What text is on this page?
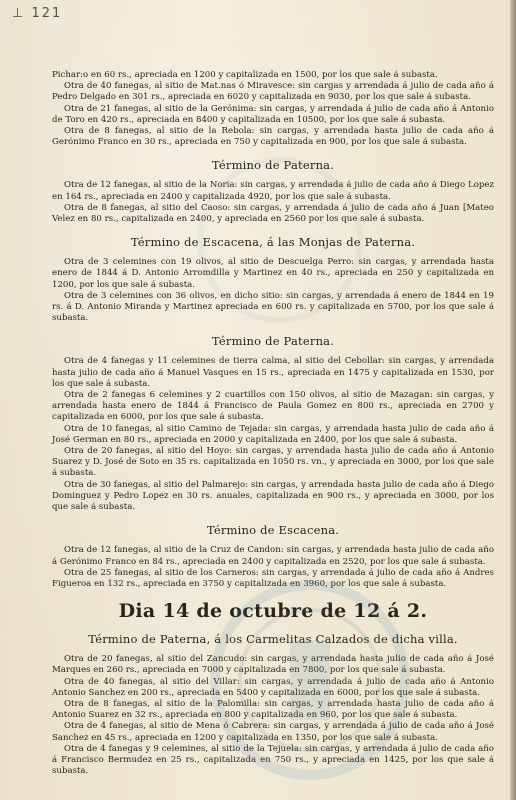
⊥ 121

Pichar:o en 60 rs., apreciada en 1200 y capitalizada en 1500, por los que sale á subasta.

Otra de 40 fanegas, al sitio de Mat.nas ó Miravesce: sin cargas y arrendada á julio de cada año á Pedro Delgado en 301 rs., apreciada en 6020 y capitalizada en 9030, por los que sale á subasta.

Otra de 21 fanegas, al sitio de la Gerónima: sin cargas, y arrendada á julio de cada año á Antonio de Toro en 420 rs., apreciada en 8400 y capitalizada en 10500, por los que sale á subasta.

Otra de 8 fanegas, al sitio de la Rebola: sin cargas, y arrendada hasta julio de cada año á Gerónimo Franco en 30 rs., apreciada en 750 y capitalizada en 900, por los que sale á subasta.

Término de Paterna.

Otra de 12 fanegas, al sitio de la Noria: sin cargas, y arrendada á julio de cada año á Diego Lopez en 164 rs., apreciada en 2400 y capitalizada 4920, por los que sale á subasta.

Otra de 8 fanegas, al sitio del Caoso: sin cargas, y arrendada á julio de cada año á Juan [Mateo Velez en 80 rs., capitalizada en 2400, y apreciada en 2560 por los que sale á subasta.

Término de Escacena, á las Monjas de Paterna.

Otra de 3 celemines con 19 olivos, al sitio de Descuelga Perro: sin cargas, y arrendada hasta enero de 1844 á D. Antonio Arromdilla y Martinez en 40 rs., apreciada en 250 y capitalizada en 1200, por los que sale á subasta.

Otra de 3 celemines con 36 olivos, en dicho sitio: sin cargas, y arrendada á enero de 1844 en 19 rs. á D. Antonio Miranda y Martinez apreciada en 600 rs. y capitalizada en 5700, por los que sale á subasta.

Término de Paterna.

Otra de 4 fanegas y 11 celemines de tierra calma, al sitio del Cebollar: sin cargas, y arrendada hasta julio de cada año á Manuel Vasques en 15 rs., apreciada en 1475 y capitalizada en 1530, por los que sale á subasta.

Otra de 2 fanegas 6 celemines y 2 cuartillos con 150 olivos, al sitio de Mazagan: sin cargas, y arrendada hasta enero de 1844 á Francisco de Paula Gomez en 800 rs., apreciada en 2700 y capitalizada en 6000, por los que sale á subasta.

Otra de 10 fanegas, al sitio Camino de Tejada: sin cargas, y arrendada hasta julio de cada año á José German en 80 rs., apreciada en 2000 y capitalizada en 2400, por los que sale á subasta.

Otra de 20 fanegas, al sitio del Hoyo: sin cargas, y arrendada hasta julio de cada año á Antonio Suarez y D. José de Soto en 35 rs. capitalizada en 1050 rs. vn., y apreciada en 3000, por los que sale á subasta.

Otra de 30 fanegas, al sitio del Palmarejo: sin cargas, y arrendada hasta julio de cada año á Diego Dominguez y Pedro Lopez en 30 rs. anuales, capitalizada en 900 rs., y apreciada en 3000, por los que sale á subasta.

Término de Escacena.

Otra de 12 fanegas, al sitio de la Cruz de Candon: sin cargas, y arrendada hasta julio de cada año á Gerónimo Franco en 84 rs., apreciada en 2400 y capitalizada en 2520, por los que sale á subasta.

Otra de 25 fanegas, al sitio de los Carneros: sin cargas, y arrendada á julio de cada año á Andres Figueroa en 132 rs., apreciada en 3750 y capitalizada en 3960, por los que sale á subasta.

Dia 14 de octubre de 12 á 2.
Término de Paterna, á los Carmelitas Calzados de dicha villa.

Otra de 20 fanegas, al sitio del Zancudo: sin cargas, y arrendada hasta julio de cada año á José Marques en 260 rs., apreciada en 7000 y capitalizada en 7800, por los que sale á subasta.

Otra de 40 fanegas, al sitio del Villar: sin cargas, y arrendada á julio de cada año á Antonio Antonio Sanchez en 200 rs., apreciada en 5400 y capitalizada en 6000, por los que sale á subasta.

Otra de 8 fanegas, al sitio de la Palomilla: sin cargas, y arrendada hasta julio de cada año á Antonio Suarez en 32 rs., apreciada en 800 y capitalizada en 960, por los que sale á subasta.

Otra de 4 fanegas, al sitio de Mena ó Cabrera: sin cargas, y arrendada á julio de cada año á José Sanchez en 45 rs., apreciada en 1200 y capitalizada en 1350, por los que sale á subasta.

Otra de 4 fanegas y 9 celemines, al sitio de la Tejuela: sin cargas, y arrendada á julio de cada año á Francisco Bermudez en 25 rs., capitalizada en 750 rs., y apreciada en 1425, por los que sale á subasta.
